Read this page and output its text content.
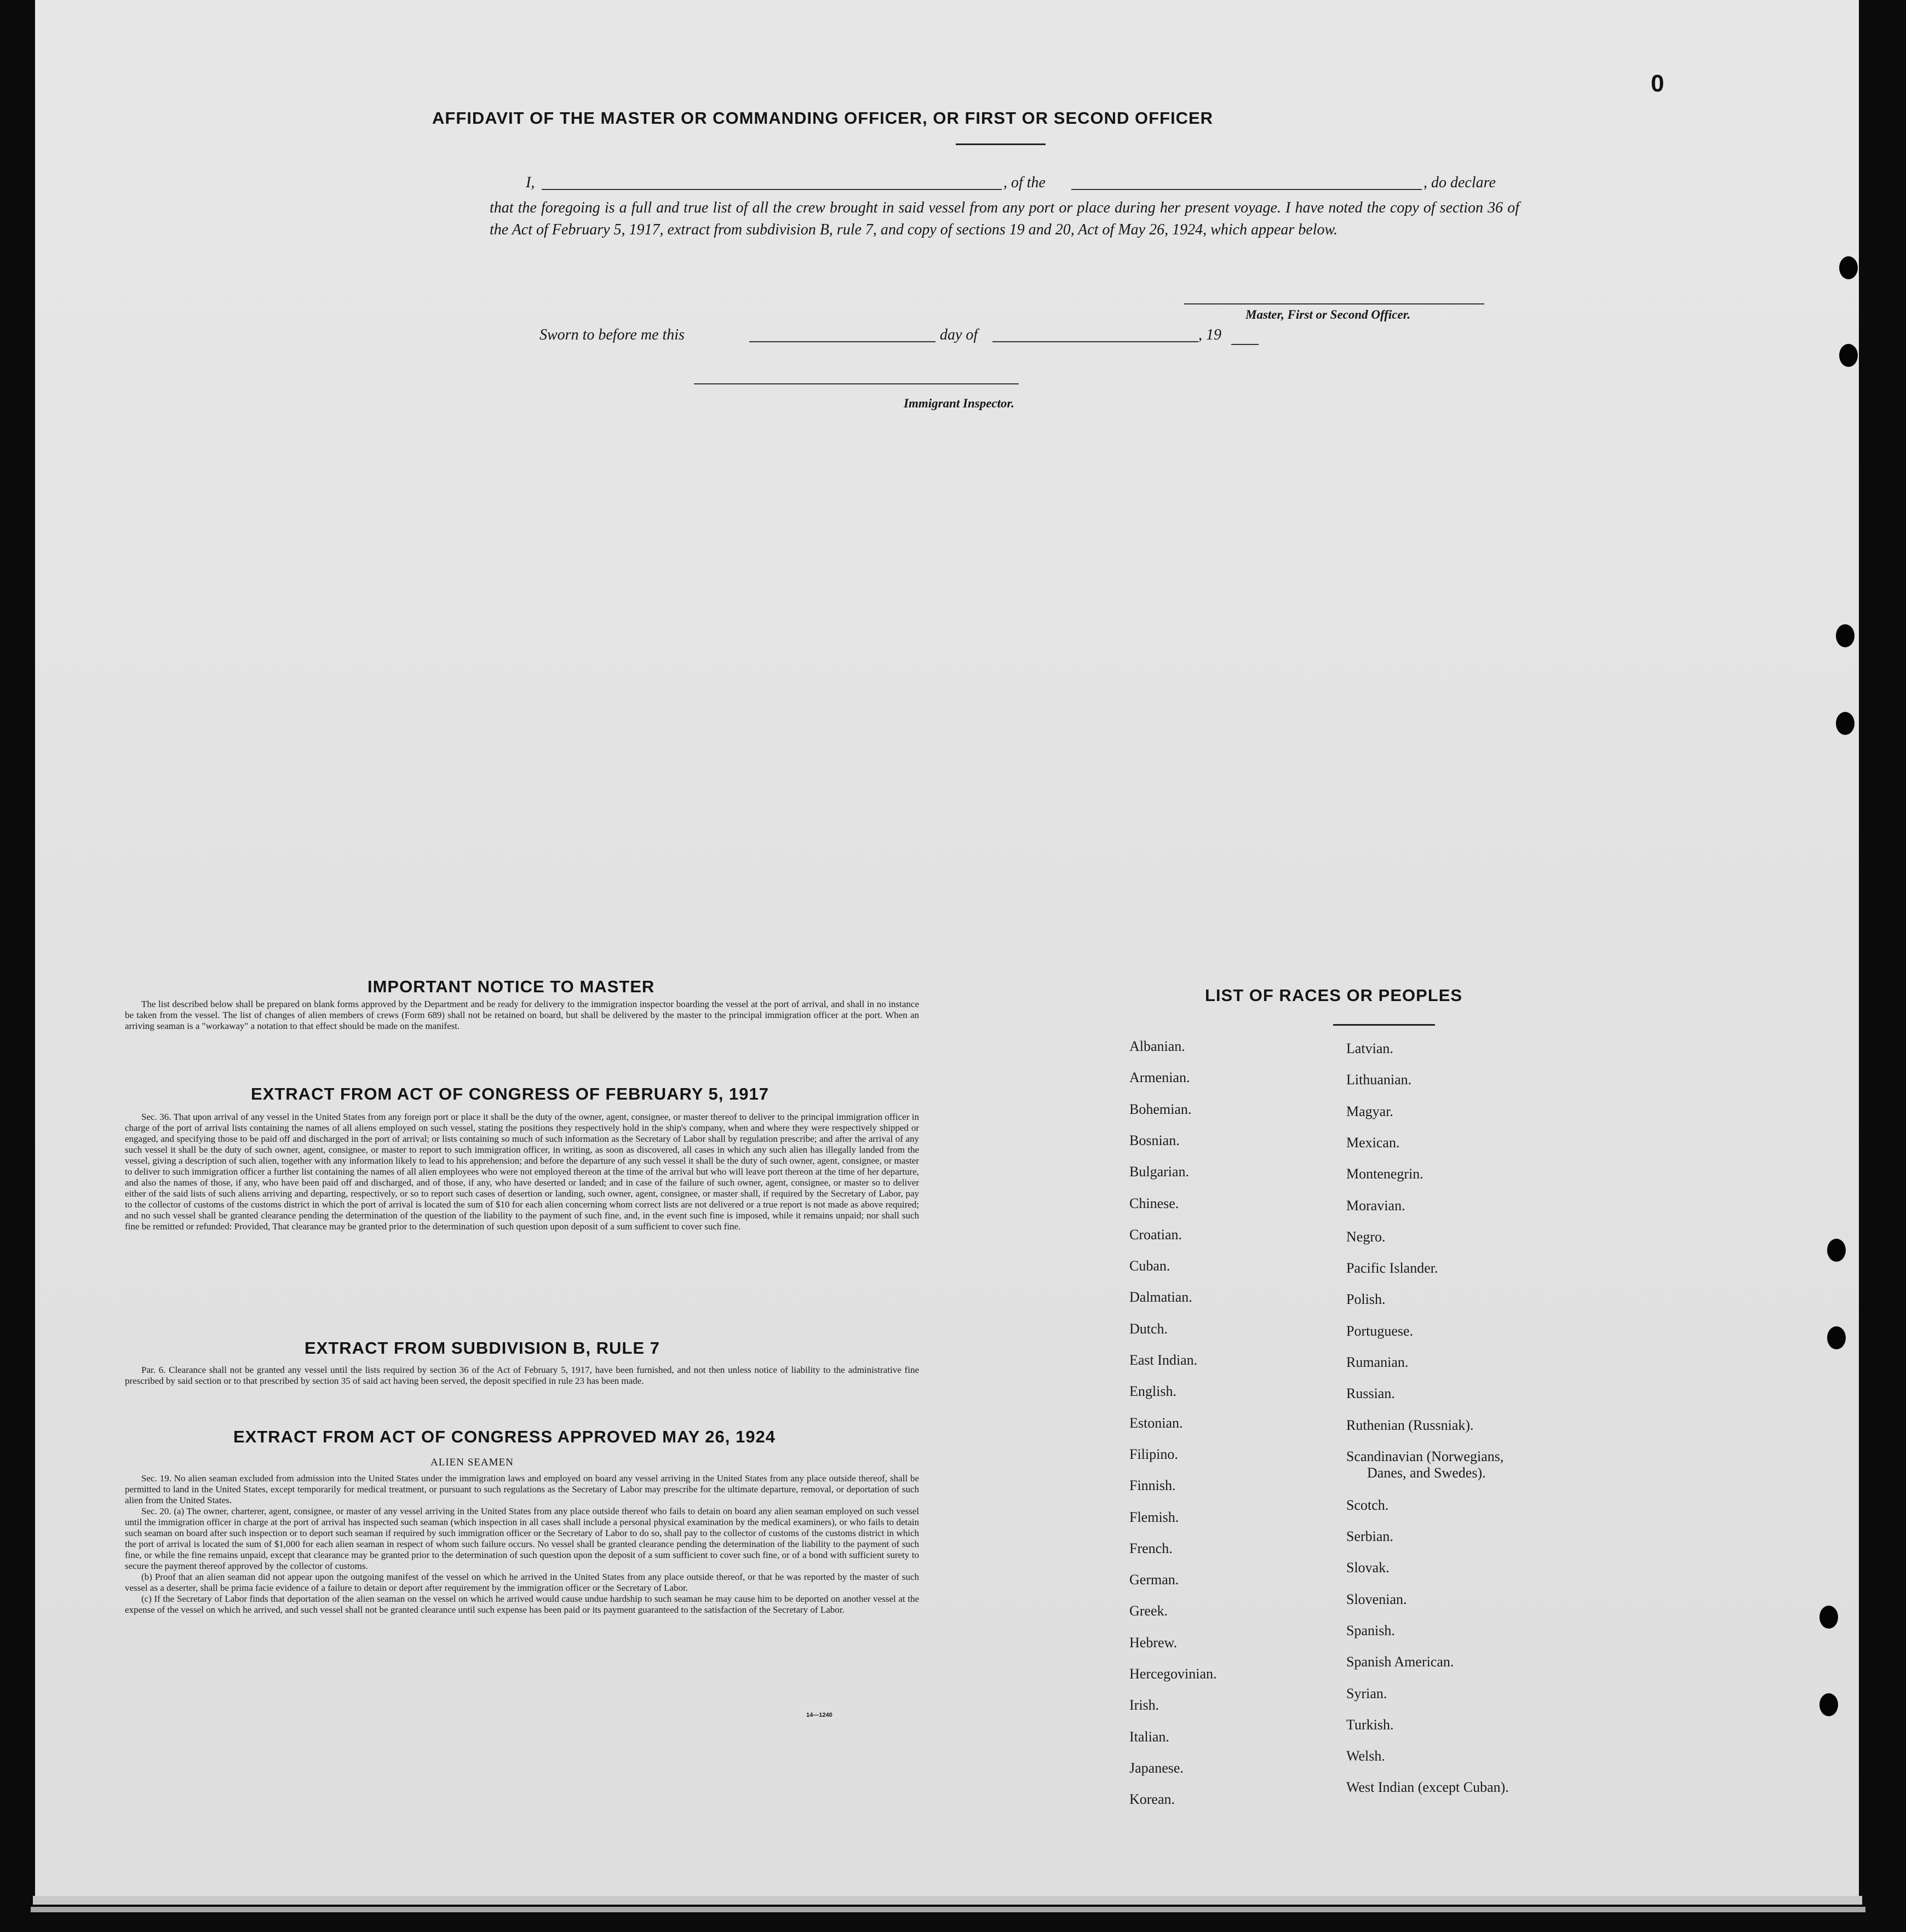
0
AFFIDAVIT OF THE MASTER OR COMMANDING OFFICER, OR FIRST OR SECOND OFFICER
I,	, of the	, do declare
that the foregoing is a full and true list of all the crew brought in said vessel from any port or place during her present voyage. I have noted the copy of section 36 of the Act of February 5, 1917, extract from subdivision B, rule 7, and copy of sections 19 and 20, Act of May 26, 1924, which appear below.
Master, First or Second Officer.
Sworn to before me this	day of	, 19
Immigrant Inspector.
IMPORTANT NOTICE TO MASTER

The list described below shall be prepared on blank forms approved by the Department and be ready for delivery to the immigration inspector boarding the vessel at the port of arrival, and shall in no instance be taken from the vessel. The list of changes of alien members of crews (Form 689) shall not be retained on board, but shall be delivered by the master to the principal immigration officer at the port. When an arriving seaman is a "workaway" a notation to that effect should be made on the manifest.

EXTRACT FROM ACT OF CONGRESS OF FEBRUARY 5, 1917

Sec. 36. That upon arrival of any vessel in the United States from any foreign port or place it shall be the duty of the owner, agent, consignee, or master thereof to deliver to the principal immigration officer in charge of the port of arrival lists containing the names of all aliens employed on such vessel, stating the positions they respectively hold in the ship's company, when and where they were respectively shipped or engaged, and specifying those to be paid off and discharged in the port of arrival; or lists containing so much of such information as the Secretary of Labor shall by regulation prescribe; and after the arrival of any such vessel it shall be the duty of such owner, agent, consignee, or master to report to such immigration officer, in writing, as soon as discovered, all cases in which any such alien has illegally landed from the vessel, giving a description of such alien, together with any information likely to lead to his apprehension; and before the departure of any such vessel it shall be the duty of such owner, agent, consignee, or master to deliver to such immigration officer a further list containing the names of all alien employees who were not employed thereon at the time of the arrival but who will leave port thereon at the time of her departure, and also the names of those, if any, who have been paid off and discharged, and of those, if any, who have deserted or landed; and in case of the failure of such owner, agent, consignee, or master so to deliver either of the said lists of such aliens arriving and departing, respectively, or so to report such cases of desertion or landing, such owner, agent, consignee, or master shall, if required by the Secretary of Labor, pay to the collector of customs of the customs district in which the port of arrival is located the sum of $10 for each alien concerning whom correct lists are not delivered or a true report is not made as above required; and no such vessel shall be granted clearance pending the determination of the question of the liability to the payment of such fine, and, in the event such fine is imposed, while it remains unpaid; nor shall such fine be remitted or refunded: Provided, That clearance may be granted prior to the determination of such question upon deposit of a sum sufficient to cover such fine.

EXTRACT FROM SUBDIVISION B, RULE 7

Par. 6. Clearance shall not be granted any vessel until the lists required by section 36 of the Act of February 5, 1917, have been furnished, and not then unless notice of liability to the administrative fine prescribed by said section or to that prescribed by section 35 of said act having been served, the deposit specified in rule 23 has been made.

EXTRACT FROM ACT OF CONGRESS APPROVED MAY 26, 1924
ALIEN SEAMEN

Sec. 19. No alien seaman excluded from admission into the United States under the immigration laws and employed on board any vessel arriving in the United States from any place outside thereof, shall be permitted to land in the United States, except temporarily for medical treatment, or pursuant to such regulations as the Secretary of Labor may prescribe for the ultimate departure, removal, or deportation of such alien from the United States.

Sec. 20. (a) The owner, charterer, agent, consignee, or master of any vessel arriving in the United States from any place outside thereof who fails to detain on board any alien seaman employed on such vessel until the immigration officer in charge at the port of arrival has inspected such seaman (which inspection in all cases shall include a personal physical examination by the medical examiners), or who fails to detain such seaman on board after such inspection or to deport such seaman if required by such immigration officer or the Secretary of Labor to do so, shall pay to the collector of customs of the customs district in which the port of arrival is located the sum of $1,000 for each alien seaman in respect of whom such failure occurs. No vessel shall be granted clearance pending the determination of the liability to the payment of such fine, or while the fine remains unpaid, except that clearance may be granted prior to the determination of such question upon the deposit of a sum sufficient to cover such fine, or of a bond with sufficient surety to secure the payment thereof approved by the collector of customs.

(b) Proof that an alien seaman did not appear upon the outgoing manifest of the vessel on which he arrived in the United States from any place outside thereof, or that he was reported by the master of such vessel as a deserter, shall be prima facie evidence of a failure to detain or deport after requirement by the immigration officer or the Secretary of Labor.

(c) If the Secretary of Labor finds that deportation of the alien seaman on the vessel on which he arrived would cause undue hardship to such seaman he may cause him to be deported on another vessel at the expense of the vessel on which he arrived, and such vessel shall not be granted clearance until such expense has been paid or its payment guaranteed to the satisfaction of the Secretary of Labor.

14—1240
LIST OF RACES OR PEOPLES
Albanian.
Armenian.
Bohemian.
Bosnian.
Bulgarian.
Chinese.
Croatian.
Cuban.
Dalmatian.
Dutch.
East Indian.
English.
Estonian.
Filipino.
Finnish.
Flemish.
French.
German.
Greek.
Hebrew.
Hercegovinian.
Irish.
Italian.
Japanese.
Korean.
Latvian.
Lithuanian.
Magyar.
Mexican.
Montenegrin.
Moravian.
Negro.
Pacific Islander.
Polish.
Portuguese.
Rumanian.
Russian.
Ruthenian (Russniak).
Scandinavian (Norwegians,
Danes, and Swedes).
Scotch.
Serbian.
Slovak.
Slovenian.
Spanish.
Spanish American.
Syrian.
Turkish.
Welsh.
West Indian (except Cuban).
